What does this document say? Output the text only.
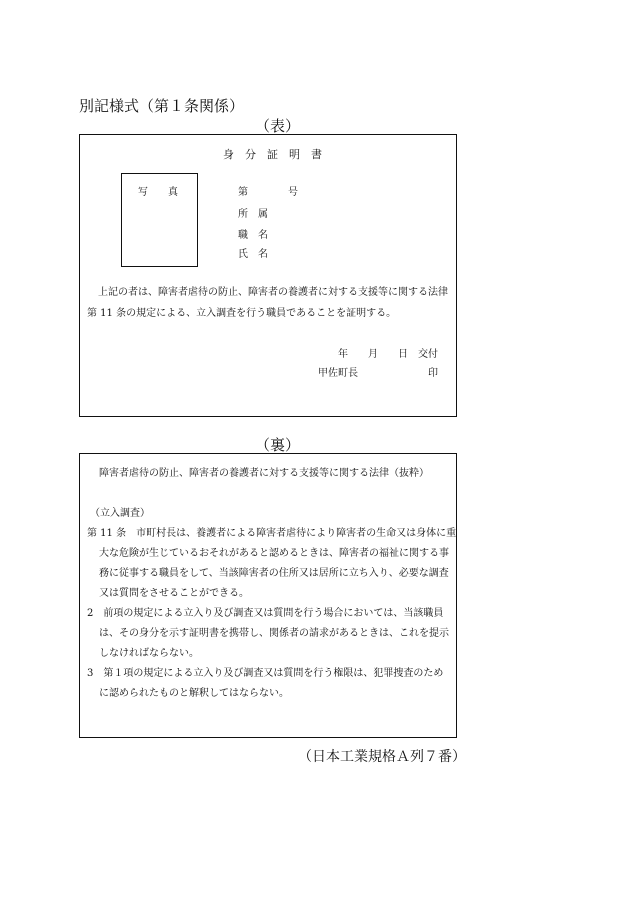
別記様式（第１条関係）
（表）
身　分　証　明　書
写　　真	第　　　　号
所　属
職　名
氏　名
上記の者は、障害者虐待の防止、障害者の養護者に対する支援等に関する法律
第 11 条の規定による、立入調査を行う職員であることを証明する。
年　　月　　日　交付
甲佐町長	印
（裏）
障害者虐待の防止、障害者の養護者に対する支援等に関する法律（抜粋）
（立入調査）
第 11 条　市町村長は、養護者による障害者虐待により障害者の生命又は身体に重
大な危険が生じているおそれがあると認めるときは、障害者の福祉に関する事
務に従事する職員をして、当該障害者の住所又は居所に立ち入り、必要な調査
又は質問をさせることができる。
2　前項の規定による立入り及び調査又は質問を行う場合においては、当該職員
は、その身分を示す証明書を携帯し、関係者の請求があるときは、これを提示
しなければならない。
3　第１項の規定による立入り及び調査又は質問を行う権限は、犯罪捜査のため
に認められたものと解釈してはならない。
（日本工業規格Ａ列７番）
